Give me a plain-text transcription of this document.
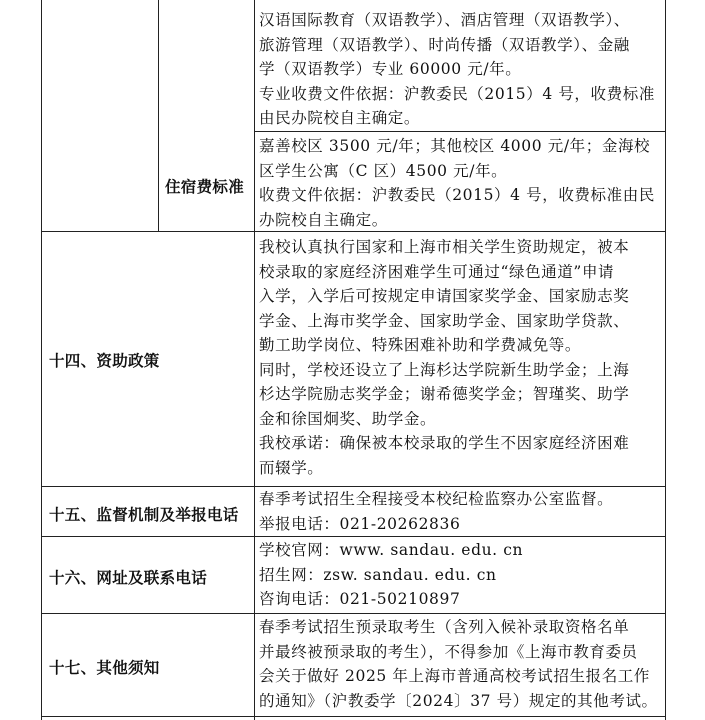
汉语国际教育（双语教学）、酒店管理（双语教学）、

旅游管理（双语教学）、时尚传播（双语教学）、金融

学（双语教学）专业 60000 元/年。

专业收费文件依据：沪教委民（2015）4 号，收费标准

由民办院校自主确定。

住宿费标准

嘉善校区 3500 元/年；其他校区 4000 元/年；金海校

区学生公寓（C 区）4500 元/年。

收费文件依据：沪教委民（2015）4 号，收费标准由民

办院校自主确定。

十四、资助政策

我校认真执行国家和上海市相关学生资助规定，被本

校录取的家庭经济困难学生可通过“绿色通道”申请

入学，入学后可按规定申请国家奖学金、国家励志奖

学金、上海市奖学金、国家助学金、国家助学贷款、

勤工助学岗位、特殊困难补助和学费减免等。

同时，学校还设立了上海杉达学院新生助学金；上海

杉达学院励志奖学金；谢希德奖学金；智瑾奖、助学

金和徐国炯奖、助学金。

我校承诺：确保被本校录取的学生不因家庭经济困难

而辍学。

十五、监督机制及举报电话

春季考试招生全程接受本校纪检监察办公室监督。

举报电话：021-20262836

十六、网址及联系电话

学校官网：www. sandau. edu. cn

招生网：zsw. sandau. edu. cn

咨询电话：021-50210897

十七、其他须知

春季考试招生预录取考生（含列入候补录取资格名单

并最终被预录取的考生），不得参加《上海市教育委员

会关于做好 2025 年上海市普通高校考试招生报名工作

的通知》（沪教委学〔2024〕37 号）规定的其他考试。
